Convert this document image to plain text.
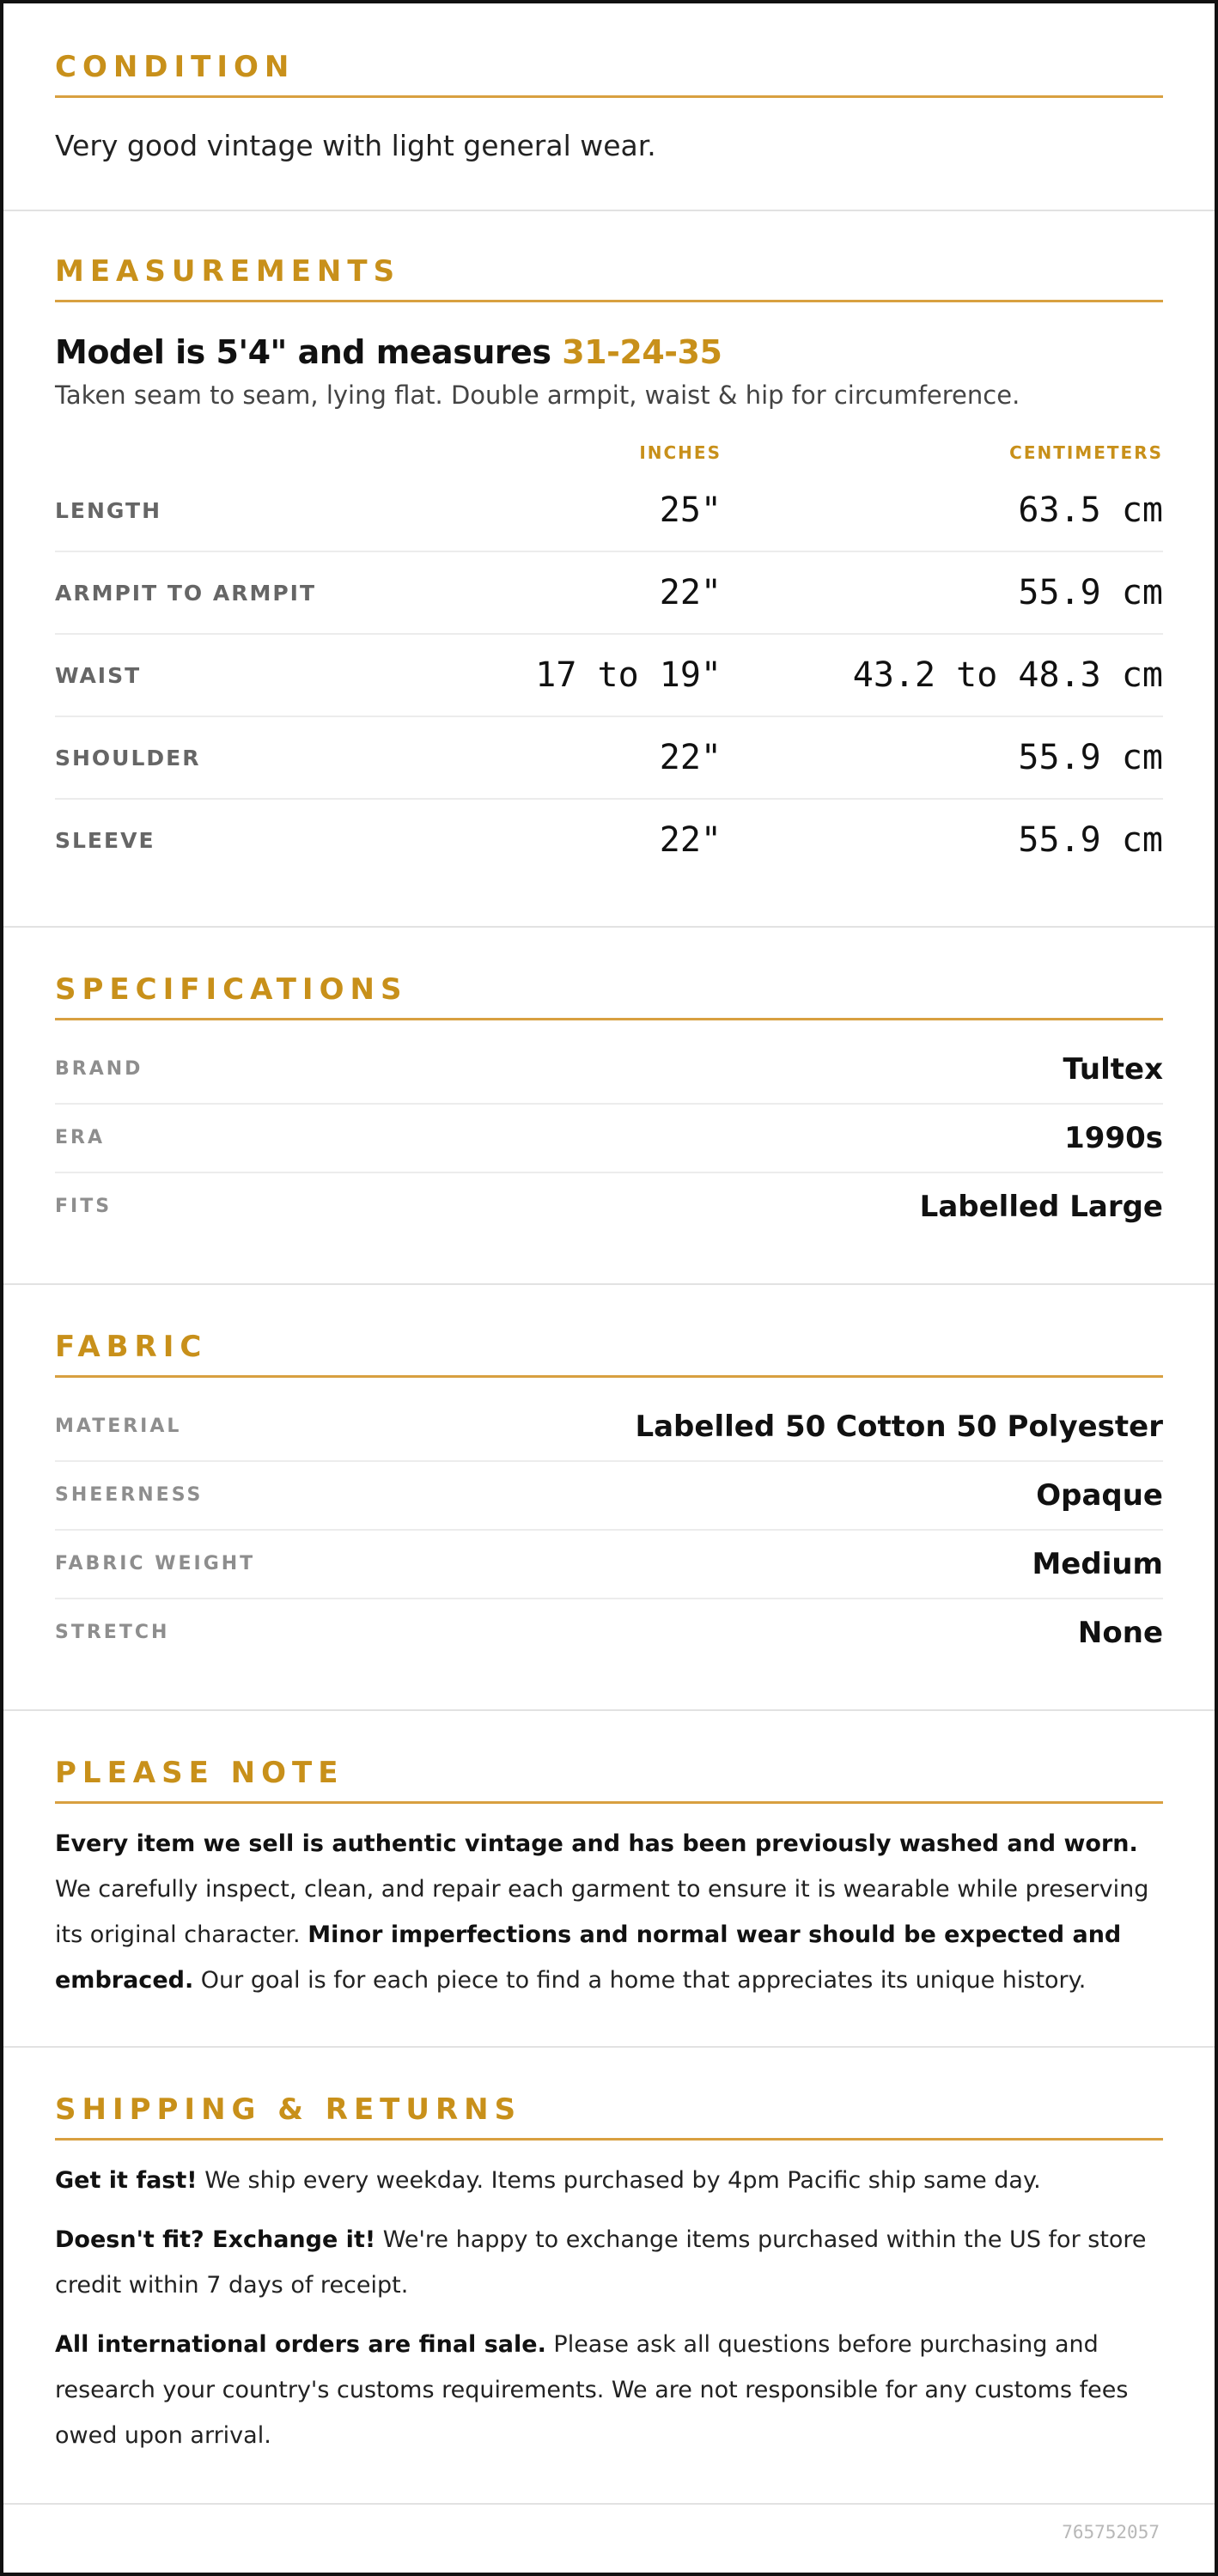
CONDITION
Very good vintage with light general wear.
MEASUREMENTS
Model is 5'4" and measures 31-24-35
Taken seam to seam, lying flat. Double armpit, waist & hip for circumference.
INCHES	CENTIMETERS
LENGTH	25"	63.5 cm
ARMPIT TO ARMPIT	22"	55.9 cm
WAIST	17 to 19"	43.2 to 48.3 cm
SHOULDER	22"	55.9 cm
SLEEVE	22"	55.9 cm
SPECIFICATIONS
BRAND	Tultex
ERA	1990s
FITS	Labelled Large
FABRIC
MATERIAL	Labelled 50 Cotton 50 Polyester
SHEERNESS	Opaque
FABRIC WEIGHT	Medium
STRETCH	None
PLEASE NOTE
Every item we sell is authentic vintage and has been previously washed and worn. We carefully inspect, clean, and repair each garment to ensure it is wearable while preserving its original character. Minor imperfections and normal wear should be expected and embraced. Our goal is for each piece to find a home that appreciates its unique history.
SHIPPING & RETURNS
Get it fast! We ship every weekday. Items purchased by 4pm Pacific ship same day.
Doesn't fit? Exchange it! We're happy to exchange items purchased within the US for store credit within 7 days of receipt.
All international orders are final sale. Please ask all questions before purchasing and research your country's customs requirements. We are not responsible for any customs fees owed upon arrival.
765752057
